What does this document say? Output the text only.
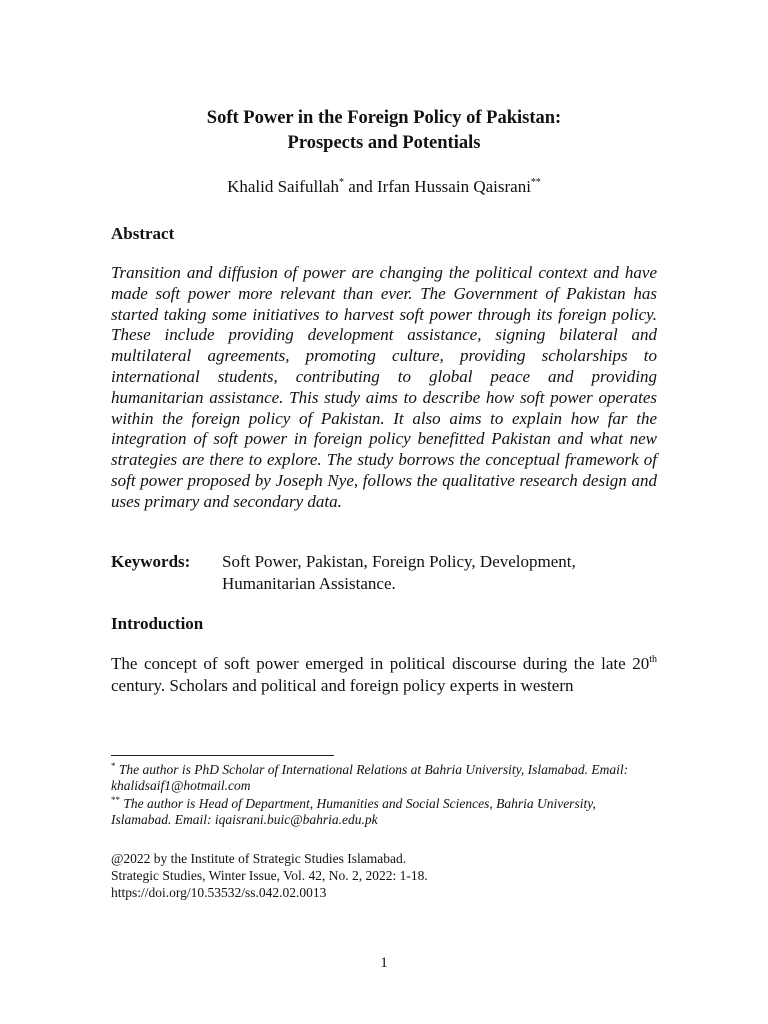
Soft Power in the Foreign Policy of Pakistan:
Prospects and Potentials
Khalid Saifullah* and Irfan Hussain Qaisrani**
Abstract

Transition and diffusion of power are changing the political context and have made soft power more relevant than ever. The Government of Pakistan has started taking some initiatives to harvest soft power through its foreign policy. These include providing development assistance, signing bilateral and multilateral agreements, promoting culture, providing scholarships to international students, contributing to global peace and providing humanitarian assistance. This study aims to describe how soft power operates within the foreign policy of Pakistan. It also aims to explain how far the integration of soft power in foreign policy benefitted Pakistan and what new strategies are there to explore. The study borrows the conceptual framework of soft power proposed by Joseph Nye, follows the qualitative research design and uses primary and secondary data.

Keywords: Soft Power, Pakistan, Foreign Policy, Development,
Humanitarian Assistance.
Introduction

The concept of soft power emerged in political discourse during the late 20th century. Scholars and political and foreign policy experts in western

* The author is PhD Scholar of International Relations at Bahria University, Islamabad. Email: khalidsaif1@hotmail.com

** The author is Head of Department, Humanities and Social Sciences, Bahria University, Islamabad. Email: iqaisrani.buic@bahria.edu.pk

@2022 by the Institute of Strategic Studies Islamabad.
Strategic Studies, Winter Issue, Vol. 42, No. 2, 2022: 1-18.
https://doi.org/10.53532/ss.042.02.0013

1
